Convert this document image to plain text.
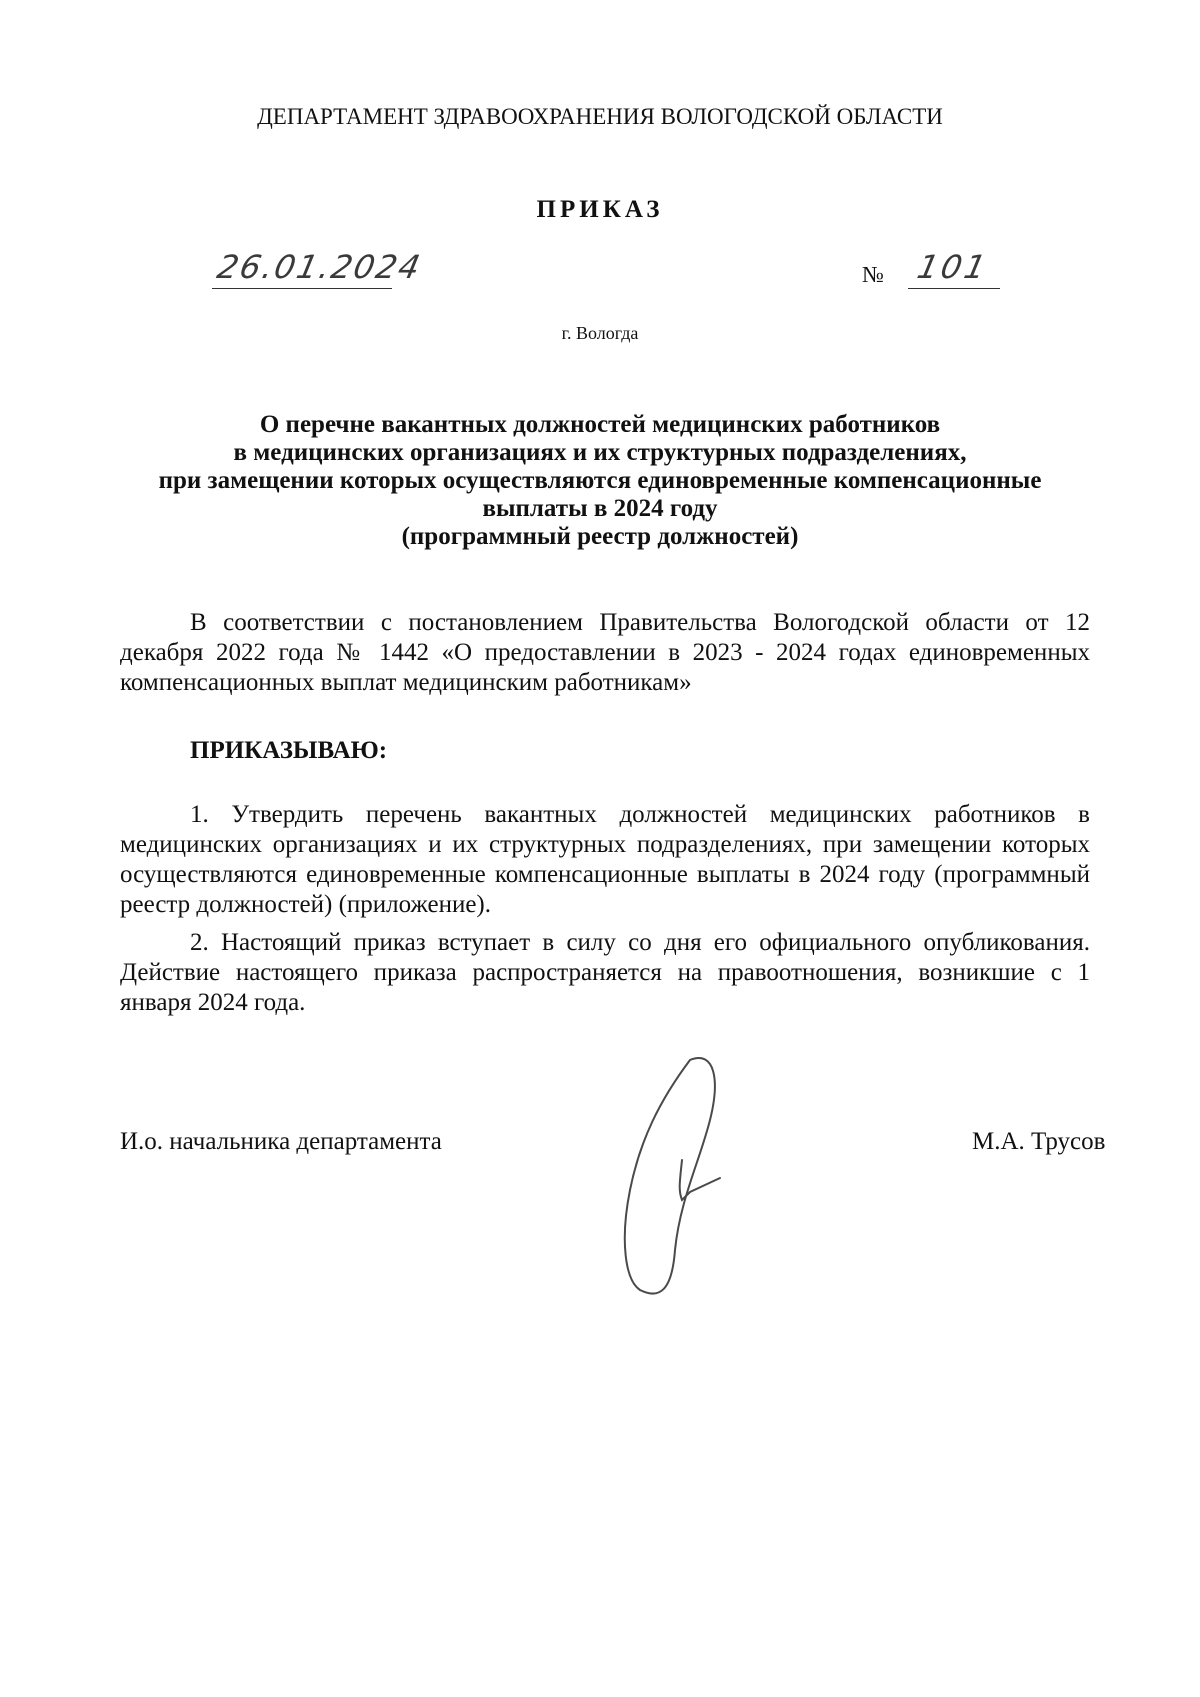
ДЕПАРТАМЕНТ ЗДРАВООХРАНЕНИЯ ВОЛОГОДСКОЙ ОБЛАСТИ
ПРИКАЗ
26.01.2024	№ 101
г. Вологда
О перечне вакантных должностей медицинских работников
в медицинских организациях и их структурных подразделениях,
при замещении которых осуществляются единовременные компенсационные
выплаты в 2024 году
(программный реестр должностей)

В соответствии с постановлением Правительства Вологодской области от 12 декабря 2022 года № 1442 «О предоставлении в 2023 - 2024 годах единовременных компенсационных выплат медицинским работникам»

ПРИКАЗЫВАЮ:

1. Утвердить перечень вакантных должностей медицинских работников в медицинских организациях и их структурных подразделениях, при замещении которых осуществляются единовременные компенсационные выплаты в 2024 году (программный реестр должностей) (приложение).

2. Настоящий приказ вступает в силу со дня его официального опубликования. Действие настоящего приказа распространяется на правоотношения, возникшие с 1 января 2024 года.

И.о. начальника департамента	М.А. Трусов
